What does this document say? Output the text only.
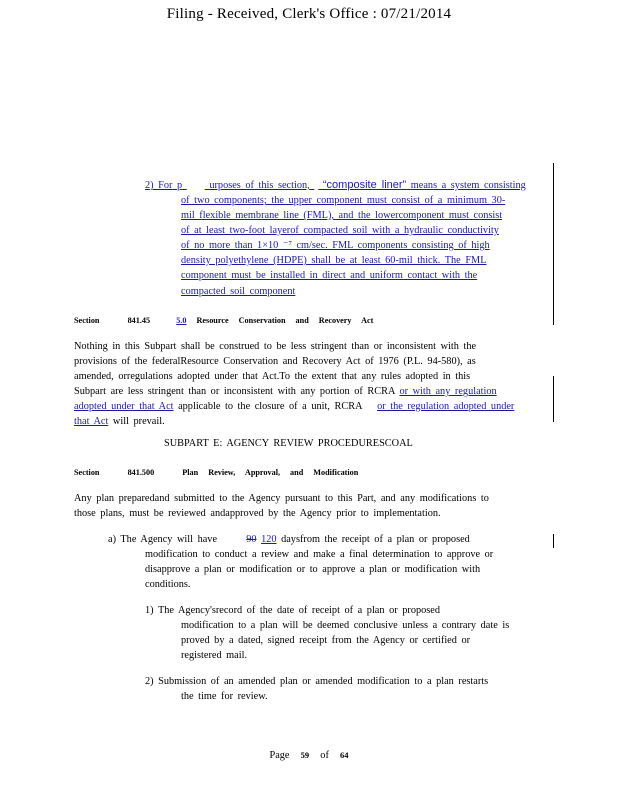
Filing - Received, Clerk's Office : 07/21/2014
2) For p	urposes of this section, “composite liner” means a system consisting
of two components; the upper component must consist of a minimum 30-
mil flexible membrane line (FML), and the lowercomponent must consist
of at least two-foot layerof compacted soil with a hydraulic conductivity
of no more than 1×10 ⁻⁷ cm/sec. FML components consisting of high
density polyethylene (HDPE) shall be at least 60-mil thick. The FML
component must be installed in direct and uniform contact with the
compacted soil component
Section	841.45	5.0 Resource Conservation and Recovery Act
Nothing in this Subpart shall be construed to be less stringent than or inconsistent with the
provisions of the federalResource Conservation and Recovery Act of 1976 (P.L. 94-580), as
amended, orregulations adopted under that Act.To the extent that any rules adopted in this
Subpart are less stringent than or inconsistent with any portion of RCRA or with any regulation
adopted under that Act applicable to the closure of a unit, RCRA or the regulation adopted under
that Act will prevail.
SUBPART E: AGENCY REVIEW PROCEDURESCOAL
Section	841.500	Plan Review, Approval, and Modification
Any plan preparedand submitted to the Agency pursuant to this Part, and any modifications to
those plans, must be reviewed andapproved by the Agency prior to implementation.
a) The Agency will have	90 120 daysfrom the receipt of a plan or proposed
modification to conduct a review and make a final determination to approve or
disapprove a plan or modification or to approve a plan or modification with
conditions.
1) The Agency'srecord of the date of receipt of a plan or proposed
modification to a plan will be deemed conclusive unless a contrary date is
proved by a dated, signed receipt from the Agency or certified or
registered mail.
2) Submission of an amended plan or amended modification to a plan restarts
the time for review.
Page 59 of 64
